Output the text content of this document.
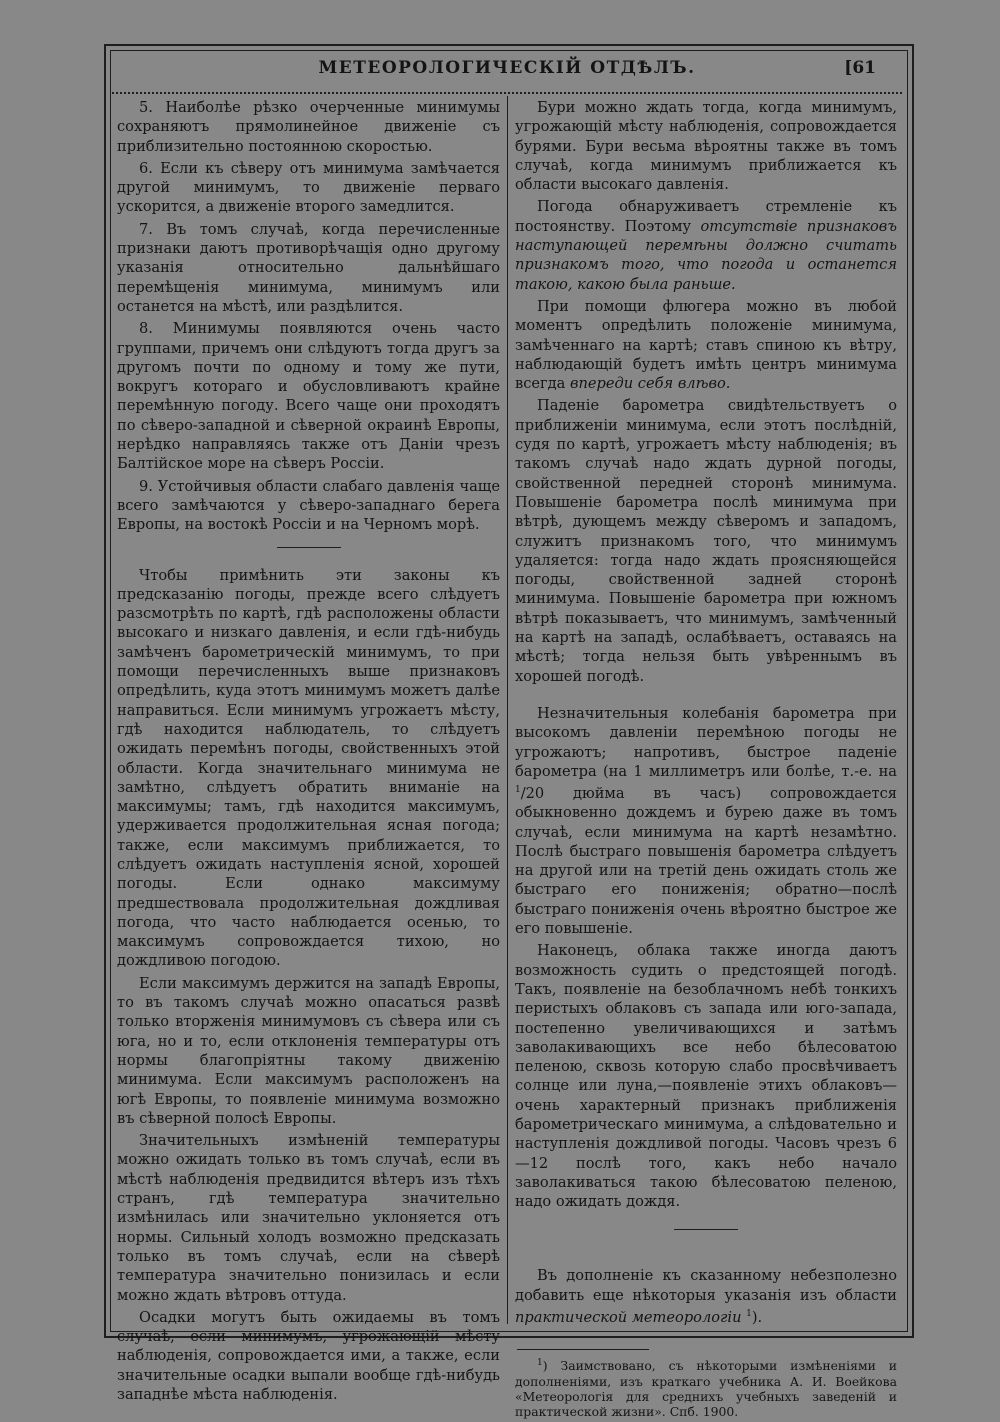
МЕТЕОРОЛОГИЧЕСКІЙ ОТДѢЛЪ.	[61

5. Наиболѣе рѣзко очерченные минимумы сохраняютъ прямолинейное движеніе съ приблизительно постоянною скоростью.

6. Если къ сѣверу отъ минимума замѣчается другой минимумъ, то движеніе перваго ускорится, а движеніе второго замедлится.

7. Въ томъ случаѣ, когда перечисленные признаки даютъ противорѣчащія одно другому указанія относительно дальнѣйшаго перемѣщенія минимума, минимумъ или останется на мѣстѣ, или раздѣлится.

8. Минимумы появляются очень часто группами, причемъ они слѣдуютъ тогда другъ за другомъ почти по одному и тому же пути, вокругъ котораго и обусловливаютъ крайне перемѣнную погоду. Всего чаще они проходятъ по сѣверо-западной и сѣверной окраинѣ Европы, нерѣдко направляясь также отъ Даніи чрезъ Балтійское море на сѣверъ Россіи.

9. Устойчивыя области слабаго давленія чаще всего замѣчаются у сѣверо-западнаго берега Европы, на востокѣ Россіи и на Черномъ морѣ.

Чтобы примѣнить эти законы къ предсказанію погоды, прежде всего слѣдуетъ разсмотрѣть по картѣ, гдѣ расположены области высокаго и низкаго давленія, и если гдѣ-нибудь замѣченъ барометрическій минимумъ, то при помощи перечисленныхъ выше признаковъ опредѣлить, куда этотъ минимумъ можетъ далѣе направиться. Если минимумъ угрожаетъ мѣсту, гдѣ находится наблюдатель, то слѣдуетъ ожидать перемѣнъ погоды, свойственныхъ этой области. Когда значительнаго минимума не замѣтно, слѣдуетъ обратить вниманіе на максимумы; тамъ, гдѣ находится максимумъ, удерживается продолжительная ясная погода; также, если максимумъ приближается, то слѣдуетъ ожидать наступленія ясной, хорошей погоды. Если однако максимуму предшествовала продолжительная дождливая погода, что часто наблюдается осенью, то максимумъ сопровождается тихою, но дождливою погодою.

Если максимумъ держится на западѣ Европы, то въ такомъ случаѣ можно опасаться развѣ только вторженія минимумовъ съ сѣвера или съ юга, но и то, если отклоненія температуры отъ нормы благопріятны такому движенію минимума. Если максимумъ расположенъ на югѣ Европы, то появленіе минимума возможно въ сѣверной полосѣ Европы.

Значительныхъ измѣненій температуры можно ожидать только въ томъ случаѣ, если въ мѣстѣ наблюденія предвидится вѣтеръ изъ тѣхъ странъ, гдѣ температура значительно измѣнилась или значительно уклоняется отъ нормы. Сильный холодъ возможно предсказать только въ томъ случаѣ, если на сѣверѣ температура значительно понизилась и если можно ждать вѣтровъ оттуда.

Осадки могутъ быть ожидаемы въ томъ случаѣ, если минимумъ, угрожающій мѣсту наблюденія, сопровождается ими, а также, если значительные осадки выпали вообще гдѣ-нибудь западнѣе мѣста наблюденія.

Бури можно ждать тогда, когда минимумъ, угрожающій мѣсту наблюденія, сопровождается бурями. Бури весьма вѣроятны также въ томъ случаѣ, когда минимумъ приближается къ области высокаго давленія.

Погода обнаруживаетъ стремленіе къ постоянству. Поэтому отсутствіе признаковъ наступающей перемѣны должно считать признакомъ того, что погода и останется такою, какою была раньше.

При помощи флюгера можно въ любой моментъ опредѣлить положеніе минимума, замѣченнаго на картѣ; ставъ спиною къ вѣтру, наблюдающій будетъ имѣть центръ минимума всегда впереди себя влѣво.

Паденіе барометра свидѣтельствуетъ о приближеніи минимума, если этотъ послѣдній, судя по картѣ, угрожаетъ мѣсту наблюденія; въ такомъ случаѣ надо ждать дурной погоды, свойственной передней сторонѣ минимума. Повышеніе барометра послѣ минимума при вѣтрѣ, дующемъ между сѣверомъ и западомъ, служитъ признакомъ того, что минимумъ удаляется: тогда надо ждать проясняющейся погоды, свойственной задней сторонѣ минимума. Повышеніе барометра при южномъ вѣтрѣ показываетъ, что минимумъ, замѣченный на картѣ на западѣ, ослабѣваетъ, оставаясь на мѣстѣ; тогда нельзя быть увѣреннымъ въ хорошей погодѣ.

Незначительныя колебанія барометра при высокомъ давленіи перемѣною погоды не угрожаютъ; напротивъ, быстрое паденіе барометра (на 1 миллиметръ или болѣе, т.-е. на $^1$/20 дюйма въ часъ) сопровождается обыкновенно дождемъ и бурею даже въ томъ случаѣ, если минимума на картѣ незамѣтно. Послѣ быстраго повышенія барометра слѣдуетъ на другой или на третій день ожидать столь же быстраго его пониженія; обратно—послѣ быстраго пониженія очень вѣроятно быстрое же его повышеніе.

Наконецъ, облака также иногда даютъ возможность судить о предстоящей погодѣ. Такъ, появленіе на безоблачномъ небѣ тонкихъ перистыхъ облаковъ съ запада или юго-запада, постепенно увеличивающихся и затѣмъ заволакивающихъ все небо бѣлесоватою пеленою, сквозь которую слабо просвѣчиваетъ солнце или луна,—появленіе этихъ облаковъ—очень характерный признакъ приближенія барометрическаго минимума, а слѣдовательно и наступленія дождливой погоды. Часовъ чрезъ 6—12 послѣ того, какъ небо начало заволакиваться такою бѣлесоватою пеленою, надо ожидать дождя.

Въ дополненіе къ сказанному небезполезно добавить еще нѣкоторыя указанія изъ области практической метеорологіи $^1$).

$^1$) Заимствовано, съ нѣкоторыми измѣненіями и дополненіями, изъ краткаго учебника А. И. Воейкова «Метеорологія для среднихъ учебныхъ заведеній и практической жизни». Спб. 1900.
